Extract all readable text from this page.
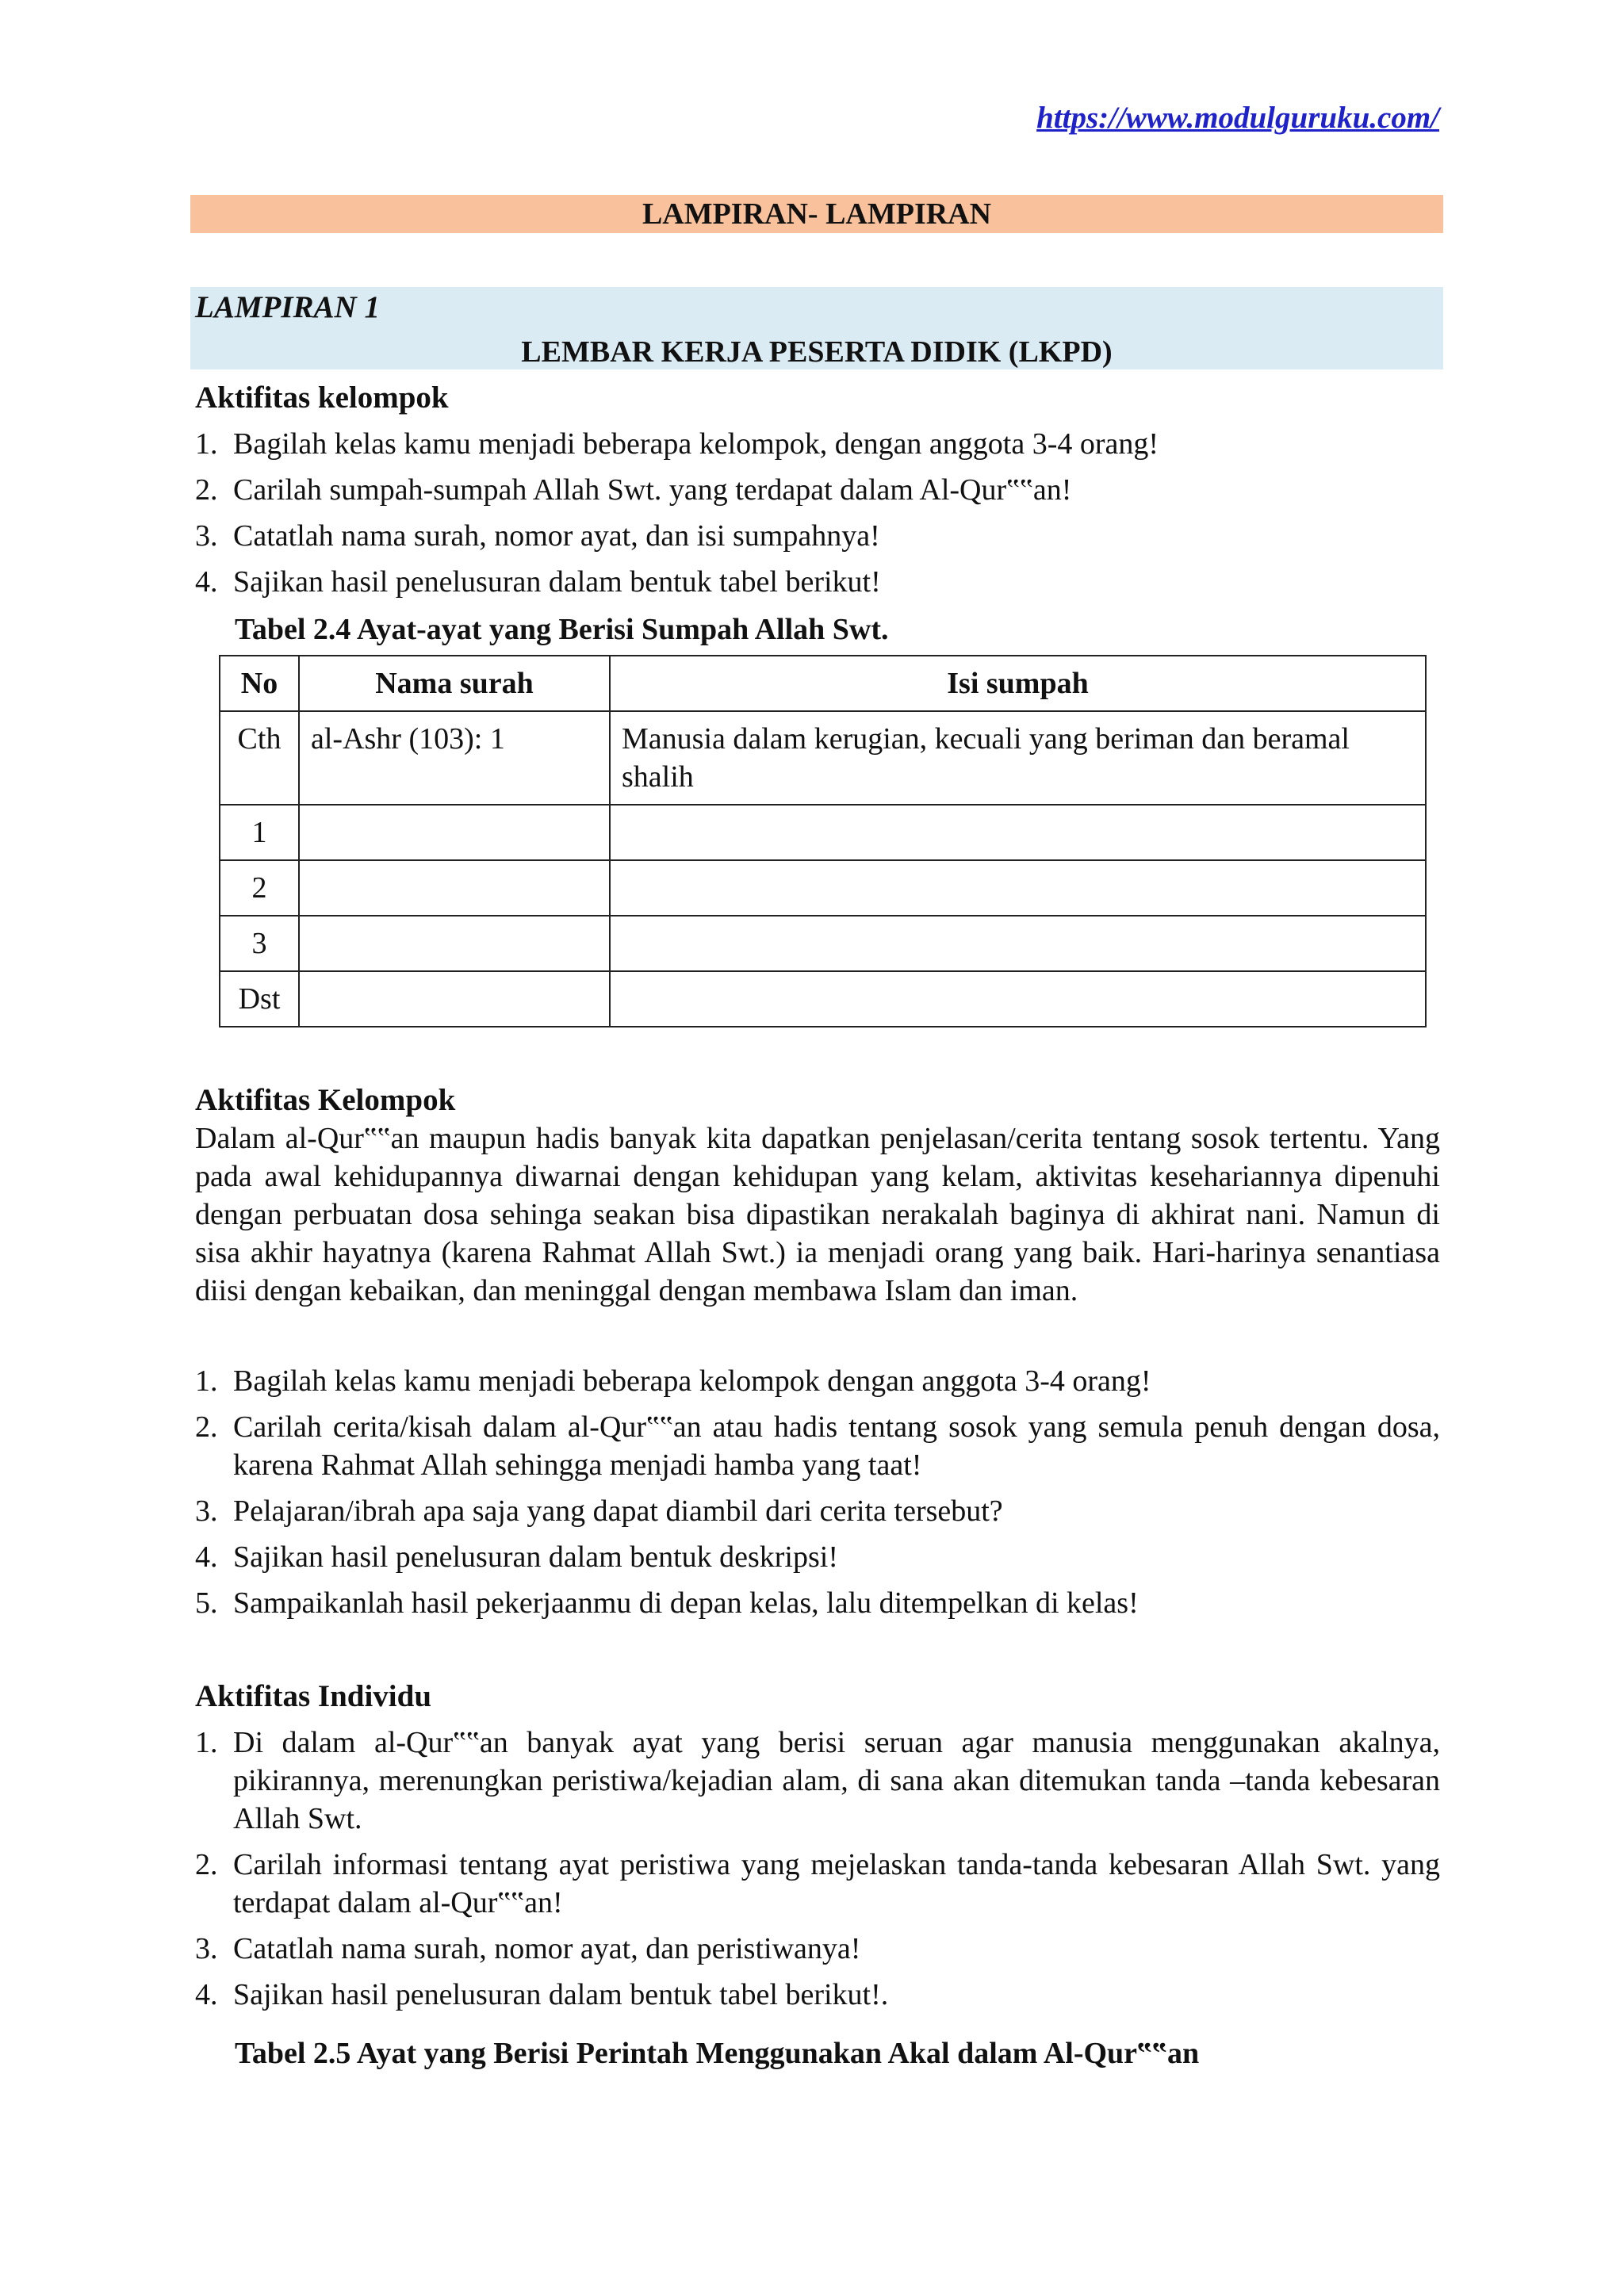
https://www.modulguruku.com/
LAMPIRAN- LAMPIRAN
LAMPIRAN 1
LEMBAR KERJA PESERTA DIDIK (LKPD)
Aktifitas kelompok
1. Bagilah kelas kamu menjadi beberapa kelompok, dengan anggota 3-4 orang!
2. Carilah sumpah-sumpah Allah Swt. yang terdapat dalam Al-Qur‟‟an!
3. Catatlah nama surah, nomor ayat, dan isi sumpahnya!
4. Sajikan hasil penelusuran dalam bentuk tabel berikut!
Tabel 2.4 Ayat-ayat yang Berisi Sumpah Allah Swt.
No	Nama surah	Isi sumpah
Cth	al-Ashr (103): 1	Manusia dalam kerugian, kecuali yang beriman dan beramal shalih
1		
2		
3		
Dst		
Aktifitas Kelompok
Dalam al-Qur‟‟an maupun hadis banyak kita dapatkan penjelasan/cerita tentang sosok tertentu. Yang pada awal kehidupannya diwarnai dengan kehidupan yang kelam, aktivitas kesehariannya dipenuhi dengan perbuatan dosa sehinga seakan bisa dipastikan nerakalah baginya di akhirat nani. Namun di sisa akhir hayatnya (karena Rahmat Allah Swt.) ia menjadi orang yang baik. Hari-harinya senantiasa diisi dengan kebaikan, dan meninggal dengan membawa Islam dan iman.
1. Bagilah kelas kamu menjadi beberapa kelompok dengan anggota 3-4 orang!
2. Carilah cerita/kisah dalam al-Qur‟‟an atau hadis tentang sosok yang semula penuh dengan dosa, karena Rahmat Allah sehingga menjadi hamba yang taat!
3. Pelajaran/ibrah apa saja yang dapat diambil dari cerita tersebut?
4. Sajikan hasil penelusuran dalam bentuk deskripsi!
5. Sampaikanlah hasil pekerjaanmu di depan kelas, lalu ditempelkan di kelas!
Aktifitas Individu
1. Di dalam al-Qur‟‟an banyak ayat yang berisi seruan agar manusia menggunakan akalnya, pikirannya, merenungkan peristiwa/kejadian alam, di sana akan ditemukan tanda –tanda kebesaran Allah Swt.
2. Carilah informasi tentang ayat peristiwa yang mejelaskan tanda-tanda kebesaran Allah Swt. yang terdapat dalam al-Qur‟‟an!
3. Catatlah nama surah, nomor ayat, dan peristiwanya!
4. Sajikan hasil penelusuran dalam bentuk tabel berikut!.
Tabel 2.5 Ayat yang Berisi Perintah Menggunakan Akal dalam Al-Qur‟‟an
